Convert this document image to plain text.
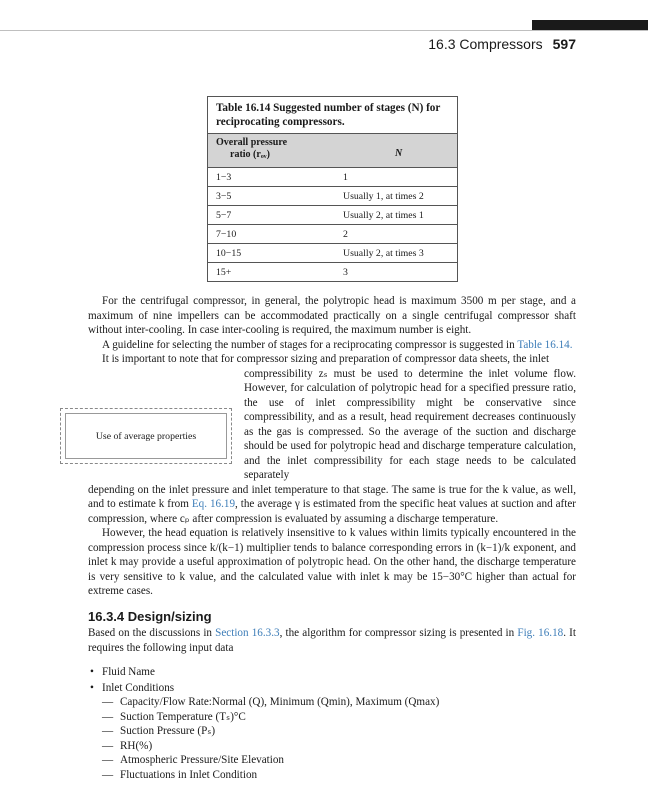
16.3 Compressors 597
Table 16.14 Suggested number of stages (N) for reciprocating compressors.
Overall pressure
ratio (rₒᵥ)	N
1−3	1
3−5	Usually 1, at times 2
5−7	Usually 2, at times 1
7−10	2
10−15	Usually 2, at times 3
15+	3

For the centrifugal compressor, in general, the polytropic head is maximum 3500 m per stage, and a maximum of nine impellers can be accommodated practically on a single centrifugal compressor shaft without inter-cooling. In case inter-cooling is required, the maximum number is eight.

A guideline for selecting the number of stages for a reciprocating compressor is suggested in Table 16.14.

It is important to note that for compressor sizing and preparation of compressor data sheets, the inlet

compressibility zₛ must be used to determine the inlet volume flow. However, for calculation of polytropic head for a specified pressure ratio, the use of inlet compressibility might be conservative since compressibility, and as a result, head requirement decreases continuously as the gas is compressed. So the average of the suction and discharge should be used for polytropic head and discharge temperature calculation, and the inlet compressibility for each stage needs to be calculated separately

depending on the inlet pressure and inlet temperature to that stage. The same is true for the k value, as well, and to estimate k from Eq. 16.19, the average γ is estimated from the specific heat values at suction and after compression, where cₚ after compression is evaluated by assuming a discharge temperature.

However, the head equation is relatively insensitive to k values within limits typically encountered in the compression process since k/(k−1) multiplier tends to balance corresponding errors in (k−1)/k exponent, and inlet k may provide a useful approximation of polytropic head. On the other hand, the discharge temperature is very sensitive to k value, and the calculated value with inlet k may be 15−30°C higher than actual for extreme cases.

Use of average properties
16.3.4 Design/sizing
Based on the discussions in Section 16.3.3, the algorithm for compressor sizing is presented in Fig. 16.18. It requires the following input data
• Fluid Name
• Inlet Conditions
— Capacity/Flow Rate:Normal (Q), Minimum (Qmin), Maximum (Qmax)
— Suction Temperature (Tₛ)°C
— Suction Pressure (Pₛ)
— RH(%)
— Atmospheric Pressure/Site Elevation
— Fluctuations in Inlet Condition
